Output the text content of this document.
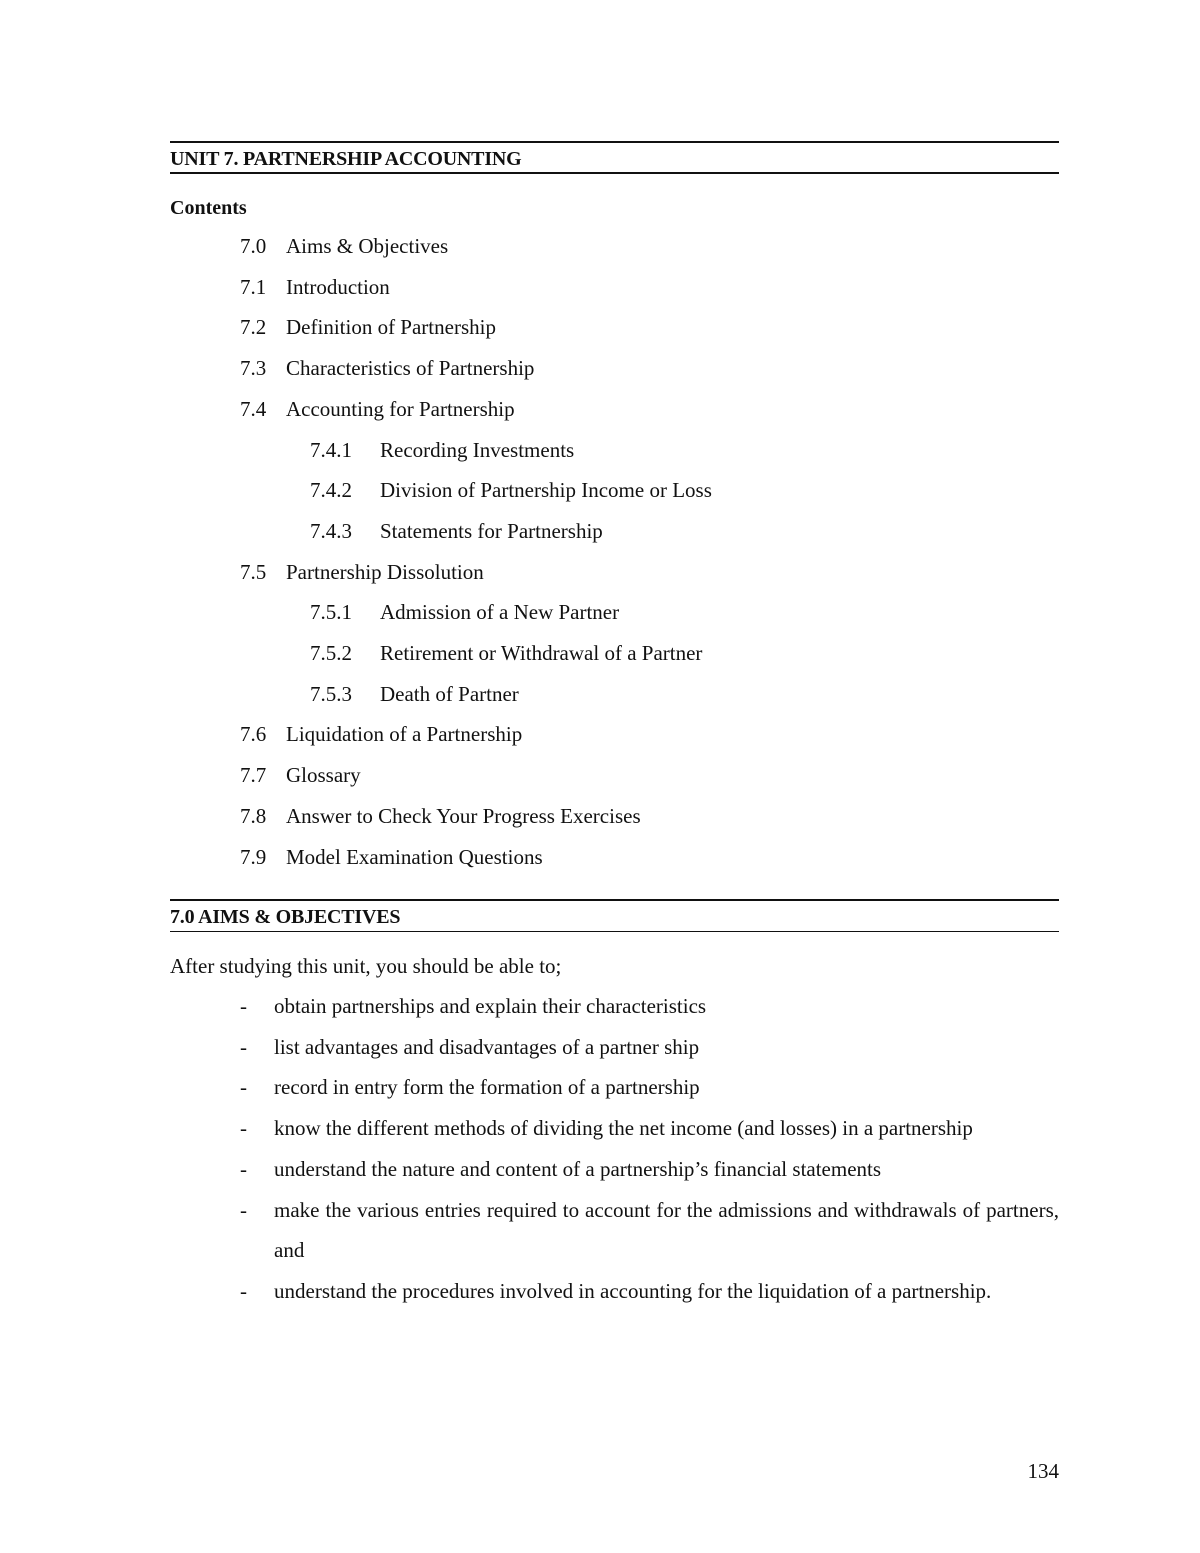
UNIT 7. PARTNERSHIP ACCOUNTING
Contents
7.0 Aims & Objectives
7.1 Introduction
7.2 Definition of Partnership
7.3 Characteristics of Partnership
7.4 Accounting for Partnership
7.4.1 Recording Investments
7.4.2 Division of Partnership Income or Loss
7.4.3 Statements for Partnership
7.5 Partnership Dissolution
7.5.1 Admission of a New Partner
7.5.2 Retirement or Withdrawal of a Partner
7.5.3 Death of Partner
7.6 Liquidation of a Partnership
7.7 Glossary
7.8 Answer to Check Your Progress Exercises
7.9 Model Examination Questions
7.0 AIMS & OBJECTIVES
After studying this unit, you should be able to;
- obtain partnerships and explain their characteristics
- list advantages and disadvantages of a partner ship
- record in entry form the formation of a partnership
- know the different methods of dividing the net income (and losses) in a partnership
- understand the nature and content of a partnership’s financial statements
- make the various entries required to account for the admissions and withdrawals of partners, and
- understand the procedures involved in accounting for the liquidation of a partnership.
134
